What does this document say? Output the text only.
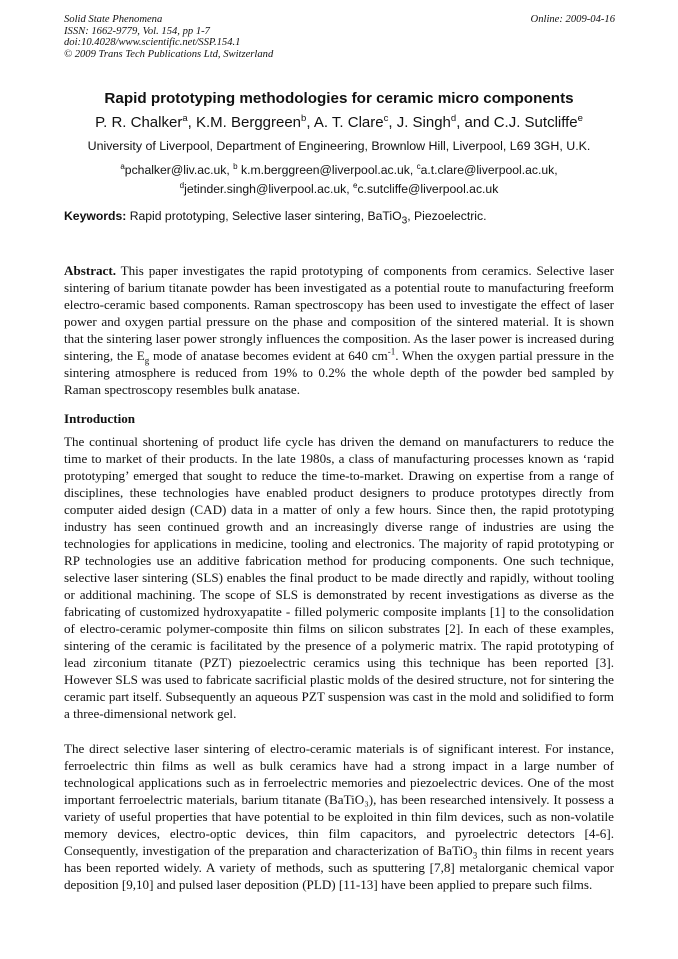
Solid State Phenomena
ISSN: 1662-9779, Vol. 154, pp 1-7
doi:10.4028/www.scientific.net/SSP.154.1
© 2009 Trans Tech Publications Ltd, Switzerland
Online: 2009-04-16
Rapid prototyping methodologies for ceramic micro components
P. R. Chalker$^a$, K.M. Berggreen$^b$, A. T. Clare$^c$, J. Singh$^d$, and C.J. Sutcliffe$^e$
University of Liverpool, Department of Engineering, Brownlow Hill, Liverpool, L69 3GH, U.K.
$^a$pchalker@liv.ac.uk, $^b$ k.m.berggreen@liverpool.ac.uk, $^c$a.t.clare@liverpool.ac.uk,
$^d$jetinder.singh@liverpool.ac.uk, $^e$c.sutcliffe@liverpool.ac.uk
Keywords: Rapid prototyping, Selective laser sintering, BaTiO$_3$, Piezoelectric.
Abstract. This paper investigates the rapid prototyping of components from ceramics. Selective laser sintering of barium titanate powder has been investigated as a potential route to manufacturing freeform electro-ceramic based components. Raman spectroscopy has been used to investigate the effect of laser power and oxygen partial pressure on the phase and composition of the sintered material. It is shown that the sintering laser power strongly influences the composition. As the laser power is increased during sintering, the $E_g$ mode of anatase becomes evident at 640 $cm^{-1}$. When the oxygen partial pressure in the sintering atmosphere is reduced from 19% to 0.2% the whole depth of the powder bed sampled by Raman spectroscopy resembles bulk anatase.
Introduction
The continual shortening of product life cycle has driven the demand on manufacturers to reduce the time to market of their products. In the late 1980s, a class of manufacturing processes known as ‘rapid prototyping’ emerged that sought to reduce the time-to-market. Drawing on expertise from a range of disciplines, these technologies have enabled product designers to produce prototypes directly from computer aided design (CAD) data in a matter of only a few hours. Since then, the rapid prototyping industry has seen continued growth and an increasingly diverse range of industries are using the technologies for applications in medicine, tooling and electronics. The majority of rapid prototyping or RP technologies use an additive fabrication method for producing components. One such technique, selective laser sintering (SLS) enables the final product to be made directly and rapidly, without tooling or additional machining. The scope of SLS is demonstrated by recent investigations as diverse as the fabricating of customized hydroxyapatite - filled polymeric composite implants [1] to the consolidation of electro-ceramic polymer-composite thin films on silicon substrates [2]. In each of these examples, sintering of the ceramic is facilitated by the presence of a polymeric matrix. The rapid prototyping of lead zirconium titanate (PZT) piezoelectric ceramics using this technique has been reported [3]. However SLS was used to fabricate sacrificial plastic molds of the desired structure, not for sintering the ceramic part itself. Subsequently an aqueous PZT suspension was cast in the mold and solidified to form a three-dimensional network gel.
The direct selective laser sintering of electro-ceramic materials is of significant interest. For instance, ferroelectric thin films as well as bulk ceramics have had a strong impact in a large number of technological applications such as in ferroelectric memories and piezoelectric devices. One of the most important ferroelectric materials, barium titanate (BaTiO₃), has been researched intensively. It possess a variety of useful properties that have potential to be exploited in thin film devices, such as non-volatile memory devices, electro-optic devices, thin film capacitors, and pyroelectric detectors [4-6]. Consequently, investigation of the preparation and characterization of BaTiO$_3$ thin films in recent years has been reported widely. A variety of methods, such as sputtering [7,8] metalorganic chemical vapor deposition [9,10] and pulsed laser deposition (PLD) [11-13] have been applied to prepare such films.
